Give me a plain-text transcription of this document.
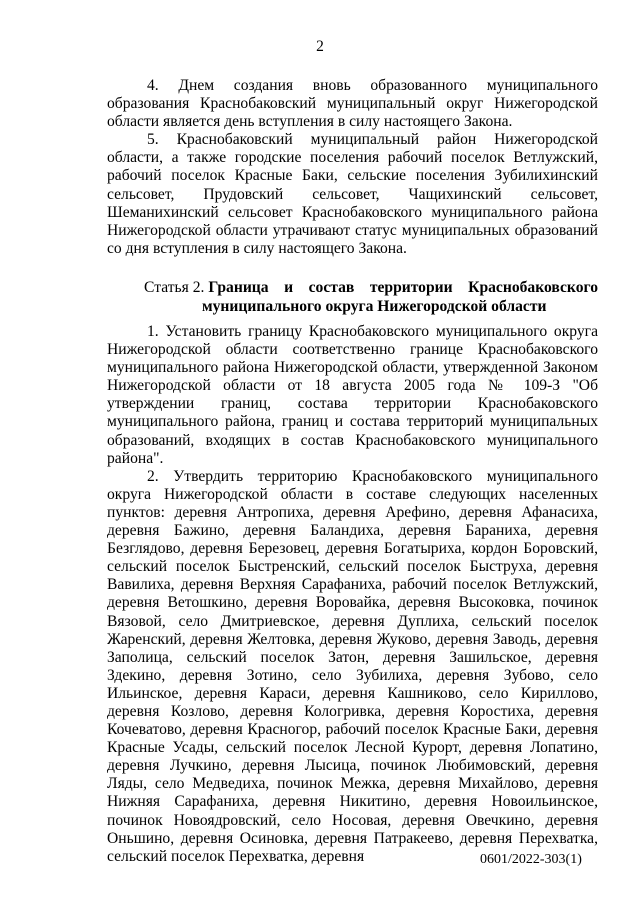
2

4. Днем создания вновь образованного муниципального образования Краснобаковский муниципальный округ Нижегородской области является день вступления в силу настоящего Закона.

5. Краснобаковский муниципальный район Нижегородской области, а также городские поселения рабочий поселок Ветлужский, рабочий поселок Красные Баки, сельские поселения Зубилихинский сельсовет, Прудовский сельсовет, Чащихинский сельсовет, Шеманихинский сельсовет Краснобаковского муниципального района Нижегородской области утрачивают статус муниципальных образований со дня вступления в силу настоящего Закона.

Статья 2. Граница и состав территории Краснобаковского
муниципального округа Нижегородской области

1. Установить границу Краснобаковского муниципального округа Нижегородской области соответственно границе Краснобаковского муниципального района Нижегородской области, утвержденной Законом Нижегородской области от 18 августа 2005 года № 109-З "Об утверждении границ, состава территории Краснобаковского муниципального района, границ и состава территорий муниципальных образований, входящих в состав Краснобаковского муниципального района".

2. Утвердить территорию Краснобаковского муниципального округа Нижегородской области в составе следующих населенных пунктов: деревня Антропиха, деревня Арефино, деревня Афанасиха, деревня Бажино, деревня Баландиха, деревня Бараниха, деревня Безглядово, деревня Березовец, деревня Богатыриха, кордон Боровский, сельский поселок Быстренский, сельский поселок Быструха, деревня Вавилиха, деревня Верхняя Сарафаниха, рабочий поселок Ветлужский, деревня Ветошкино, деревня Воровайка, деревня Высоковка, починок Вязовой, село Дмитриевское, деревня Дуплиха, сельский поселок Жаренский, деревня Желтовка, деревня Жуково, деревня Заводь, деревня Заполица, сельский поселок Затон, деревня Зашильское, деревня Здекино, деревня Зотино, село Зубилиха, деревня Зубово, село Ильинское, деревня Караси, деревня Кашниково, село Кириллово, деревня Козлово, деревня Кологривка, деревня Коростиха, деревня Кочеватово, деревня Красногор, рабочий поселок Красные Баки, деревня Красные Усады, сельский поселок Лесной Курорт, деревня Лопатино, деревня Лучкино, деревня Лысица, починок Любимовский, деревня Ляды, село Медведиха, починок Межка, деревня Михайлово, деревня Нижняя Сарафаниха, деревня Никитино, деревня Новоильинское, починок Новоядровский, село Носовая, деревня Овечкино, деревня Оньшино, деревня Осиновка, деревня Патракеево, деревня Перехватка, сельский поселок Перехватка, деревня	0601/2022-303(1)
